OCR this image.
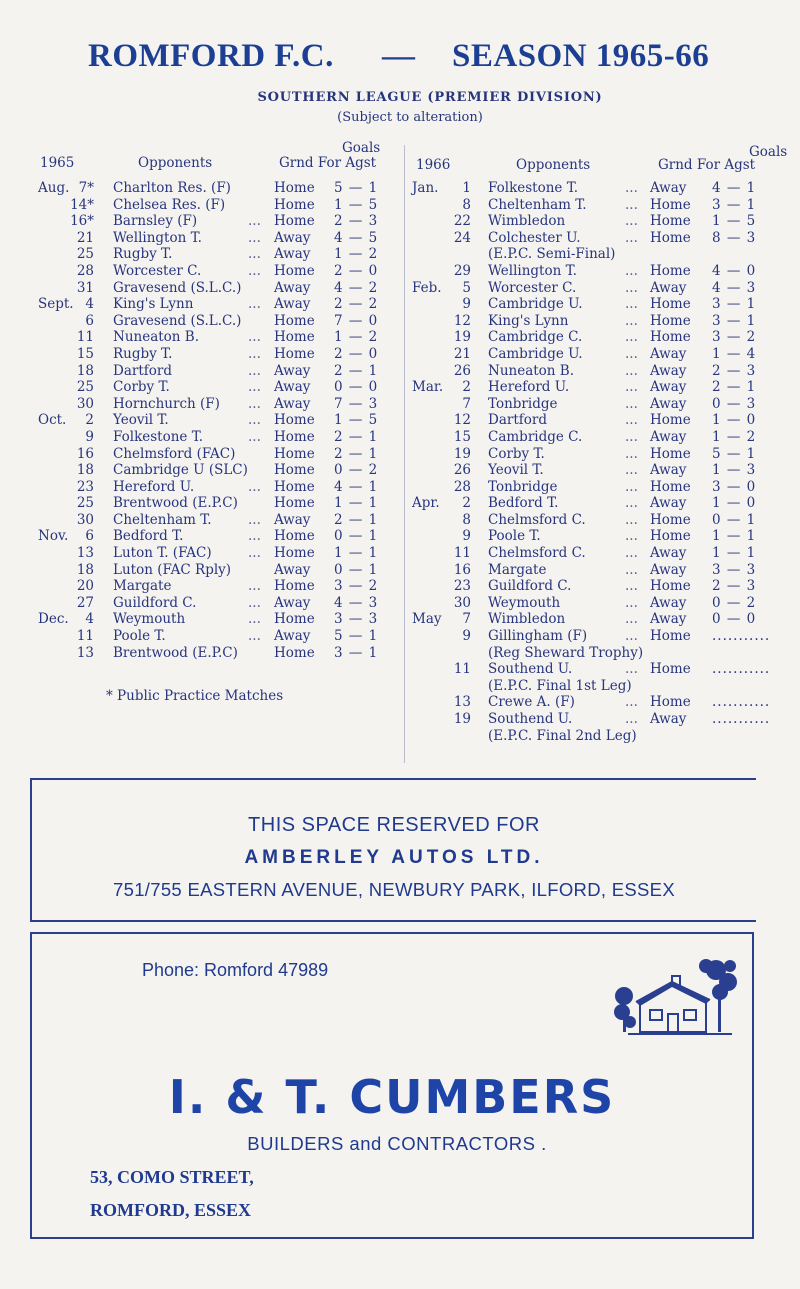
ROMFORD F.C. — SEASON 1965-66
SOUTHERN LEAGUE (PREMIER DIVISION)
(Subject to alteration)
Goals
1965	Opponents	Grnd For Agst
Aug. 7* Charlton Res. (F)	Home 5 — 1
14* Chelsea Res. (F)	Home 1 — 5
16* Barnsley (F)	... Home 2 — 3
21 Wellington T.	... Away 4 — 5
25 Rugby T.	... Away 1 — 2
28 Worcester C.	... Home 2 — 0
31 Gravesend (S.L.C.) Away 4 — 2
Sept. 4 King's Lynn	... Away 2 — 2
6 Gravesend (S.L.C.) Home 7 — 0
11 Nuneaton B.	... Home 1 — 2
15 Rugby T.	... Home 2 — 0
18 Dartford	... Away 2 — 1
25 Corby T.	... Away 0 — 0
30 Hornchurch (F) ... Away 7 — 3
Oct.	2 Yeovil T.	... Home 1 — 5
9 Folkestone T.	... Home 2 — 1
16 Chelmsford (FAC)	Home 2 — 1
18 Cambridge U (SLC) Home 0 — 2
23 Hereford U.	... Home 4 — 1
25 Brentwood (E.P.C)	Home 1 — 1
30 Cheltenham T.	... Away 2 — 1
Nov.	6 Bedford T.	... Home 0 — 1
13 Luton T. (FAC)	... Home 1 — 1
18 Luton (FAC Rply)	Away 0 — 1
20 Margate	... Home 3 — 2
27 Guildford C.	... Away 4 — 3
Dec.	4 Weymouth	... Home 3 — 3
11 Poole T.	... Away 5 — 1
13 Brentwood (E.P.C)	Home 3 — 1
Goals
1966	Opponents	Grnd For Agst
Jan.	1 Folkestone T.	... Away 4 — 1
8 Cheltenham T.	... Home 3 — 1
22 Wimbledon	... Home 1 — 5
24 Colchester U.	... Home 8 — 3
(E.P.C. Semi-Final)
29 Wellington T.	... Home 4 — 0
Feb.	5 Worcester C.	... Away 4 — 3
9 Cambridge U.	... Home 3 — 1
12 King's Lynn	... Home 3 — 1
19 Cambridge C.	... Home 3 — 2
21 Cambridge U.	... Away 1 — 4
26 Nuneaton B.	... Away 2 — 3
Mar.	2 Hereford U.	... Away 2 — 1
7 Tonbridge	... Away 0 — 3
12 Dartford	... Home 1 — 0
15 Cambridge C.	... Away 1 — 2
19 Corby T.	... Home 5 — 1
26 Yeovil T.	... Away 1 — 3
28 Tonbridge	... Home 3 — 0
Apr.	2 Bedford T.	... Away 1 — 0
8 Chelmsford C.	... Home 0 — 1
9 Poole T.	... Home 1 — 1
11 Chelmsford C.	... Away 1 — 1
16 Margate	... Away 3 — 3
23 Guildford C.	... Home 2 — 3
30 Weymouth	... Away 0 — 2
May	7 Wimbledon	... Away 0 — 0
9 Gillingham (F)	... Home ...........
(Reg Sheward Trophy)
11 Southend U.	... Home ...........
(E.P.C. Final 1st Leg)
13 Crewe A. (F)	... Home ...........
19 Southend U.	... Away ...........
(E.P.C. Final 2nd Leg)
* Public Practice Matches
THIS SPACE RESERVED FOR
AMBERLEY AUTOS LTD.
751/755 EASTERN AVENUE, NEWBURY PARK, ILFORD, ESSEX
Phone: Romford 47989
I. & T. CUMBERS
BUILDERS and CONTRACTORS .
53, COMO STREET,
ROMFORD, ESSEX
